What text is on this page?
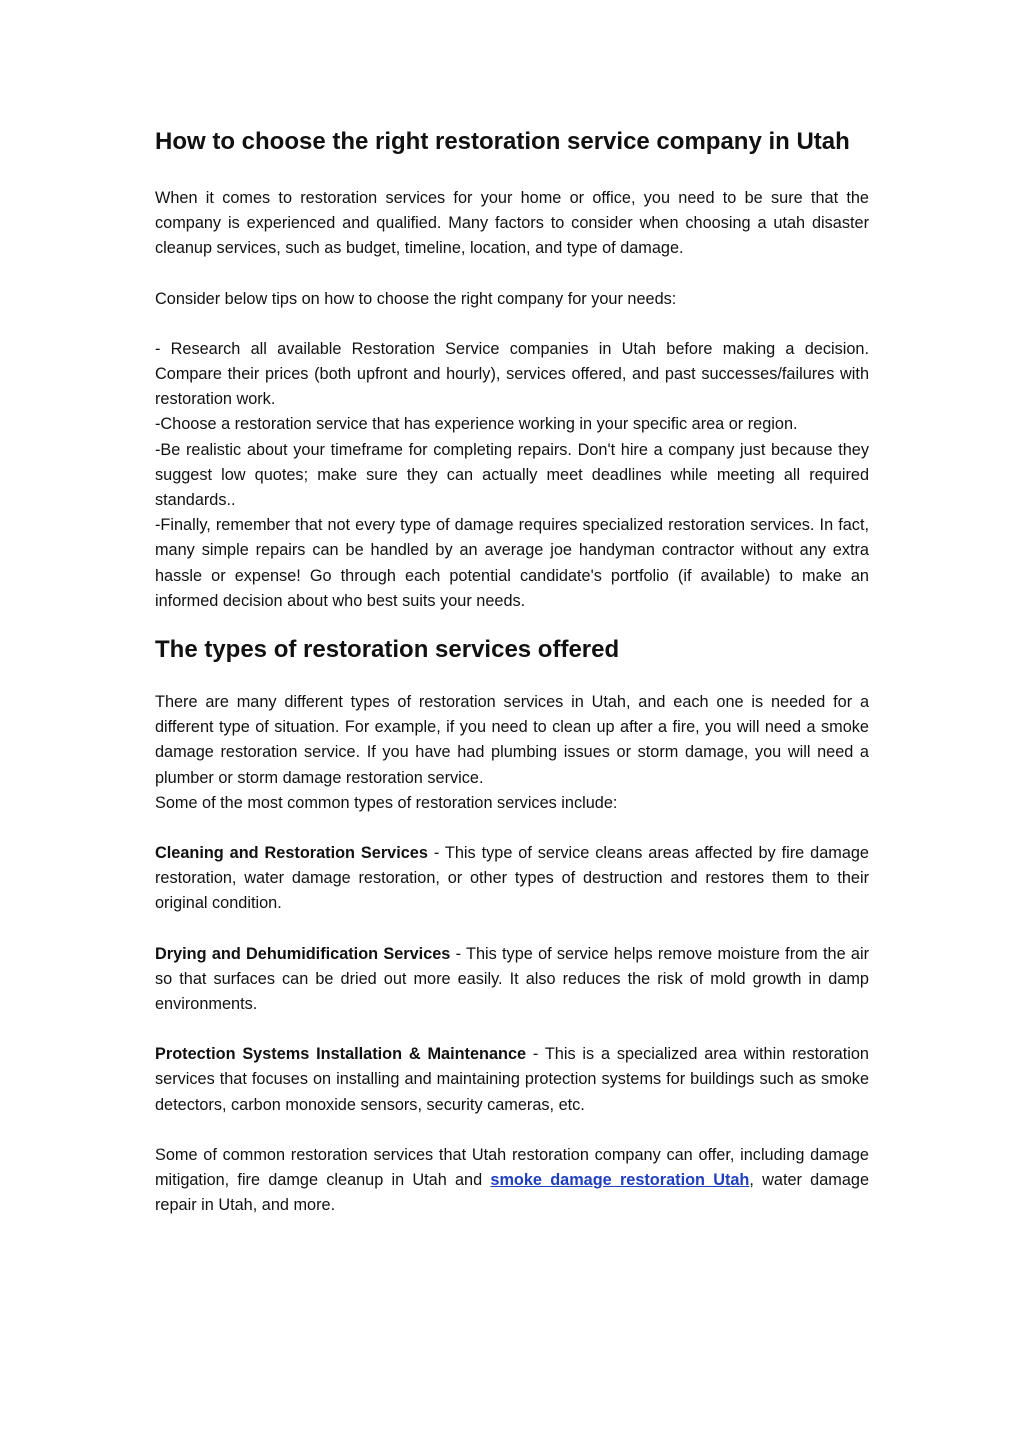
How to choose the right restoration service company in Utah

When it comes to restoration services for your home or office, you need to be sure that the company is experienced and qualified. Many factors to consider when choosing a utah disaster cleanup services, such as budget, timeline, location, and type of damage.

Consider below tips on how to choose the right company for your needs:

- Research all available Restoration Service companies in Utah before making a decision. Compare their prices (both upfront and hourly), services offered, and past successes/failures with restoration work.

-Choose a restoration service that has experience working in your specific area or region.

-Be realistic about your timeframe for completing repairs. Don't hire a company just because they suggest low quotes; make sure they can actually meet deadlines while meeting all required standards..

-Finally, remember that not every type of damage requires specialized restoration services. In fact, many simple repairs can be handled by an average joe handyman contractor without any extra hassle or expense! Go through each potential candidate's portfolio (if available) to make an informed decision about who best suits your needs.

The types of restoration services offered

There are many different types of restoration services in Utah, and each one is needed for a different type of situation. For example, if you need to clean up after a fire, you will need a smoke damage restoration service. If you have had plumbing issues or storm damage, you will need a plumber or storm damage restoration service.

Some of the most common types of restoration services include:

Cleaning and Restoration Services - This type of service cleans areas affected by fire damage restoration, water damage restoration, or other types of destruction and restores them to their original condition.

Drying and Dehumidification Services - This type of service helps remove moisture from the air so that surfaces can be dried out more easily. It also reduces the risk of mold growth in damp environments.

Protection Systems Installation & Maintenance - This is a specialized area within restoration services that focuses on installing and maintaining protection systems for buildings such as smoke detectors, carbon monoxide sensors, security cameras, etc.

Some of common restoration services that Utah restoration company can offer, including damage mitigation, fire damge cleanup in Utah and smoke damage restoration Utah, water damage repair in Utah, and more.
